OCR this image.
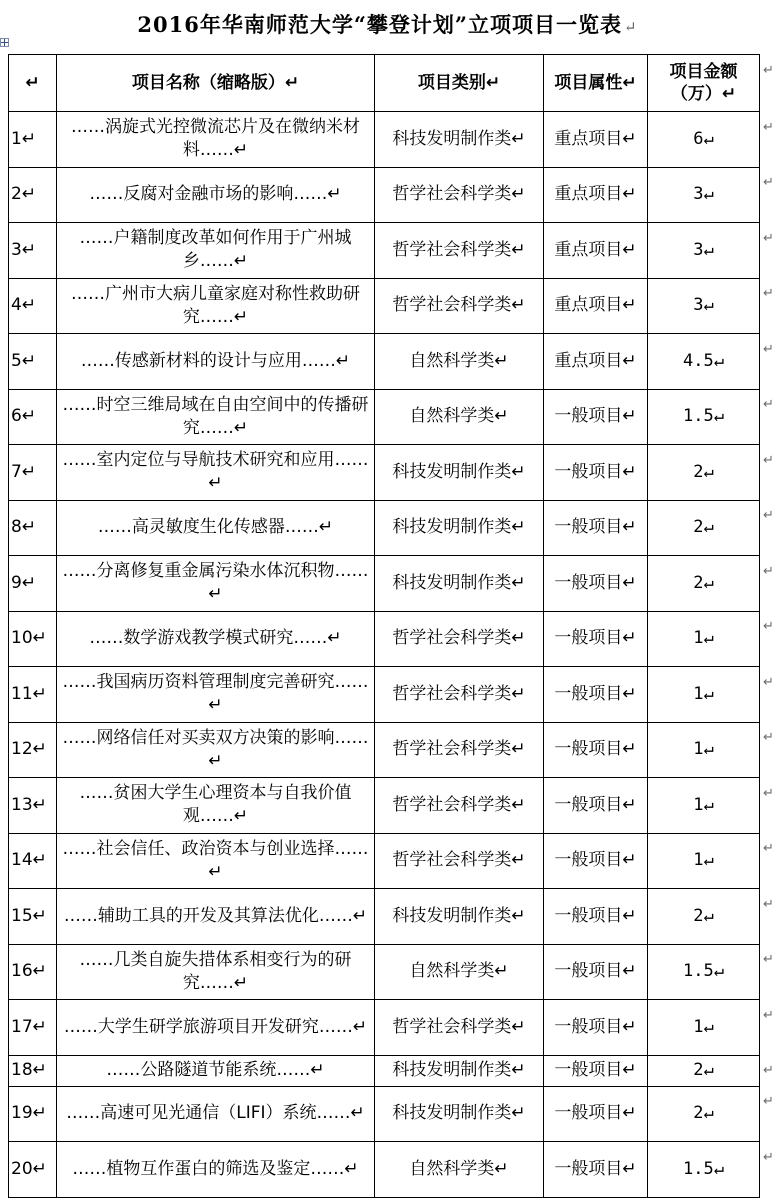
2016年华南师范大学“攀登计划”立项项目一览表 ↵
↵	项目名称（缩略版）↵	项目类别↵	项目属性↵	项目金额（万）↵
1↵	……涡旋式光控微流芯片及在微纳米材料……↵	科技发明制作类↵	重点项目↵	6↵
2↵	……反腐对金融市场的影响……↵	哲学社会科学类↵	重点项目↵	3↵
3↵	……户籍制度改革如何作用于广州城乡……↵	哲学社会科学类↵	重点项目↵	3↵
4↵	……广州市大病儿童家庭对称性救助研究……↵	哲学社会科学类↵	重点项目↵	3↵
5↵	……传感新材料的设计与应用……↵	自然科学类↵	重点项目↵	4.5↵
6↵	……时空三维局域在自由空间中的传播研究……↵	自然科学类↵	一般项目↵	1.5↵
7↵	……室内定位与导航技术研究和应用……↵	科技发明制作类↵	一般项目↵	2↵
8↵	……高灵敏度生化传感器……↵	科技发明制作类↵	一般项目↵	2↵
9↵	……分离修复重金属污染水体沉积物……↵	科技发明制作类↵	一般项目↵	2↵
10↵	……数学游戏教学模式研究……↵	哲学社会科学类↵	一般项目↵	1↵
11↵	……我国病历资料管理制度完善研究……↵	哲学社会科学类↵	一般项目↵	1↵
12↵	……网络信任对买卖双方决策的影响……↵	哲学社会科学类↵	一般项目↵	1↵
13↵	……贫困大学生心理资本与自我价值观……↵	哲学社会科学类↵	一般项目↵	1↵
14↵	……社会信任、政治资本与创业选择……↵	哲学社会科学类↵	一般项目↵	1↵
15↵	……辅助工具的开发及其算法优化……↵	科技发明制作类↵	一般项目↵	2↵
16↵	……几类自旋失措体系相变行为的研究……↵	自然科学类↵	一般项目↵	1.5↵
17↵	……大学生研学旅游项目开发研究……↵	哲学社会科学类↵	一般项目↵	1↵
18↵	……公路隧道节能系统……↵	科技发明制作类↵	一般项目↵	2↵
19↵	……高速可见光通信（LIFI）系统……↵	科技发明制作类↵	一般项目↵	2↵
20↵	……植物互作蛋白的筛选及鉴定……↵	自然科学类↵	一般项目↵	1.5↵
↵
↵
↵
↵
↵
↵
↵
↵
↵
↵
↵
↵
↵
↵
↵
↵
↵
↵
↵
↵
↵
